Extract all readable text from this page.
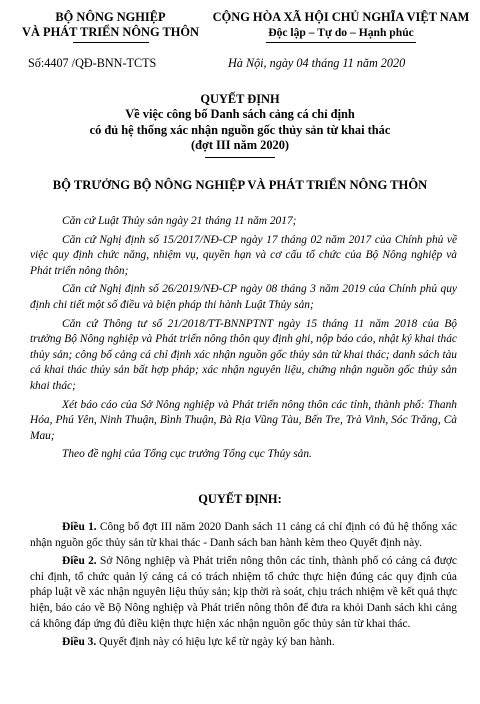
BỘ NÔNG NGHIỆP
VÀ PHÁT TRIỂN NÔNG THÔN
CỘNG HÒA XÃ HỘI CHỦ NGHĨA VIỆT NAM
Độc lập – Tự do – Hạnh phúc
Số:4407 /QĐ-BNN-TCTS	Hà Nội, ngày 04 tháng 11 năm 2020
QUYẾT ĐỊNH
Về việc công bố Danh sách cảng cá chỉ định
có đủ hệ thống xác nhận nguồn gốc thủy sản từ khai thác
(đợt III năm 2020)
BỘ TRƯỞNG BỘ NÔNG NGHIỆP VÀ PHÁT TRIỂN NÔNG THÔN

Căn cứ Luật Thủy sản ngày 21 tháng 11 năm 2017;

Căn cứ Nghị định số 15/2017/NĐ-CP ngày 17 tháng 02 năm 2017 của Chính phủ về việc quy định chức năng, nhiệm vụ, quyền hạn và cơ cấu tổ chức của Bộ Nông nghiệp và Phát triển nông thôn;

Căn cứ Nghị định số 26/2019/NĐ-CP ngày 08 tháng 3 năm 2019 của Chính phủ quy định chi tiết một số điều và biện pháp thi hành Luật Thủy sản;

Căn cứ Thông tư số 21/2018/TT-BNNPTNT ngày 15 tháng 11 năm 2018 của Bộ trưởng Bộ Nông nghiệp và Phát triển nông thôn quy định ghi, nộp báo cáo, nhật ký khai thác thủy sản; công bố cảng cá chỉ định xác nhận nguồn gốc thủy sản từ khai thác; danh sách tàu cá khai thác thủy sản bất hợp pháp; xác nhận nguyên liệu, chứng nhận nguồn gốc thủy sản khai thác;

Xét báo cáo của Sở Nông nghiệp và Phát triển nông thôn các tỉnh, thành phố: Thanh Hóa, Phú Yên, Ninh Thuận, Bình Thuận, Bà Rịa Vũng Tàu, Bến Tre, Trà Vinh, Sóc Trăng, Cà Mau;

Theo đề nghị của Tổng cục trưởng Tổng cục Thủy sản.

QUYẾT ĐỊNH:

Điều 1. Công bố đợt III năm 2020 Danh sách 11 cảng cá chỉ định có đủ hệ thống xác nhận nguồn gốc thủy sản từ khai thác - Danh sách ban hành kèm theo Quyết định này.

Điều 2. Sở Nông nghiệp và Phát triển nông thôn các tỉnh, thành phố có cảng cá được chỉ định, tổ chức quản lý cảng cá có trách nhiệm tổ chức thực hiện đúng các quy định của pháp luật về xác nhận nguyên liệu thủy sản; kịp thời rà soát, chịu trách nhiệm về kết quả thực hiện, báo cáo về Bộ Nông nghiệp và Phát triển nông thôn để đưa ra khỏi Danh sách khi cảng cá không đáp ứng đủ điều kiện thực hiện xác nhận nguồn gốc thủy sản từ khai thác.

Điều 3. Quyết định này có hiệu lực kể từ ngày ký ban hành.
